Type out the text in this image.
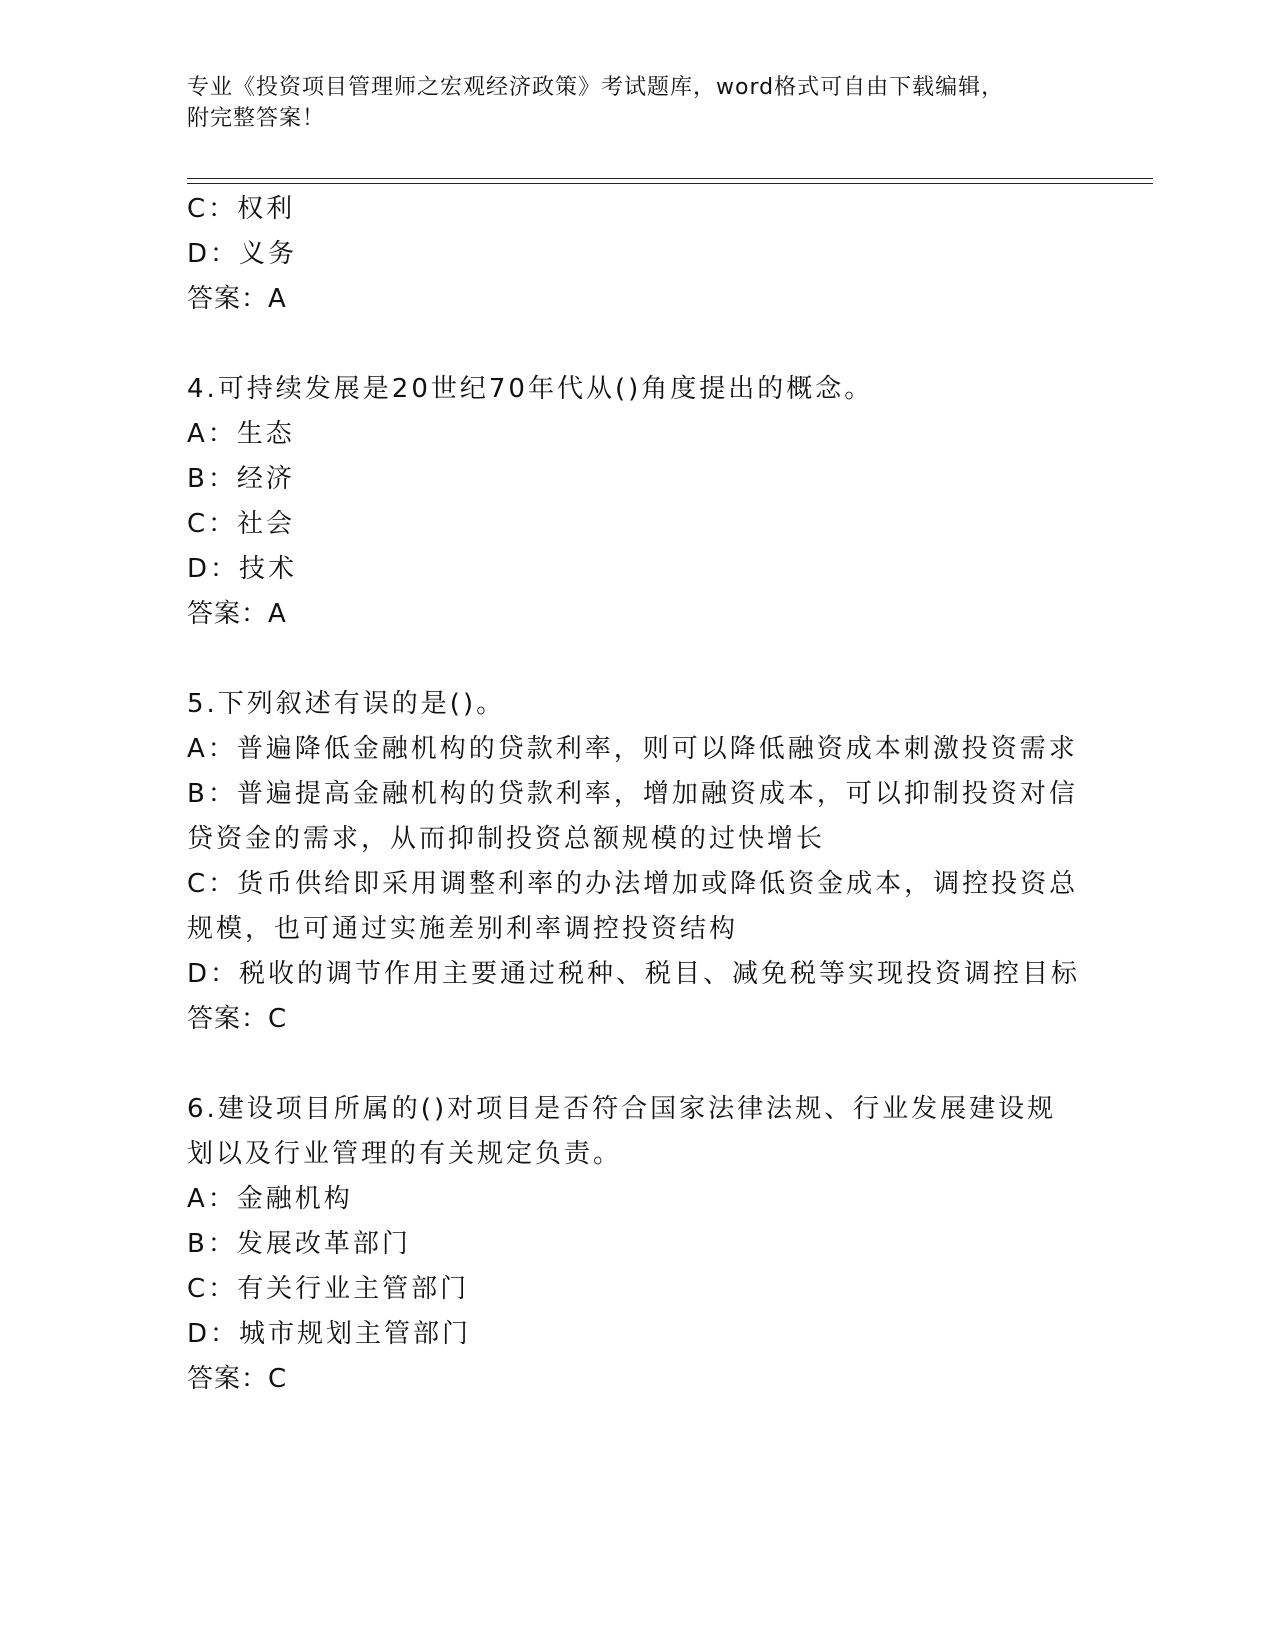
专业《投资项目管理师之宏观经济政策》考试题库，word格式可自由下载编辑，
附完整答案！
C：权利
D：义务
答案：A
4.可持续发展是20世纪70年代从()角度提出的概念。
A：生态
B：经济
C：社会
D：技术
答案：A
5.下列叙述有误的是()。
A：普遍降低金融机构的贷款利率，则可以降低融资成本刺激投资需求
B：普遍提高金融机构的贷款利率，增加融资成本，可以抑制投资对信
贷资金的需求，从而抑制投资总额规模的过快增长
C：货币供给即采用调整利率的办法增加或降低资金成本，调控投资总
规模，也可通过实施差别利率调控投资结构
D：税收的调节作用主要通过税种、税目、减免税等实现投资调控目标
答案：C
6.建设项目所属的()对项目是否符合国家法律法规、行业发展建设规
划以及行业管理的有关规定负责。
A：金融机构
B：发展改革部门
C：有关行业主管部门
D：城市规划主管部门
答案：C
